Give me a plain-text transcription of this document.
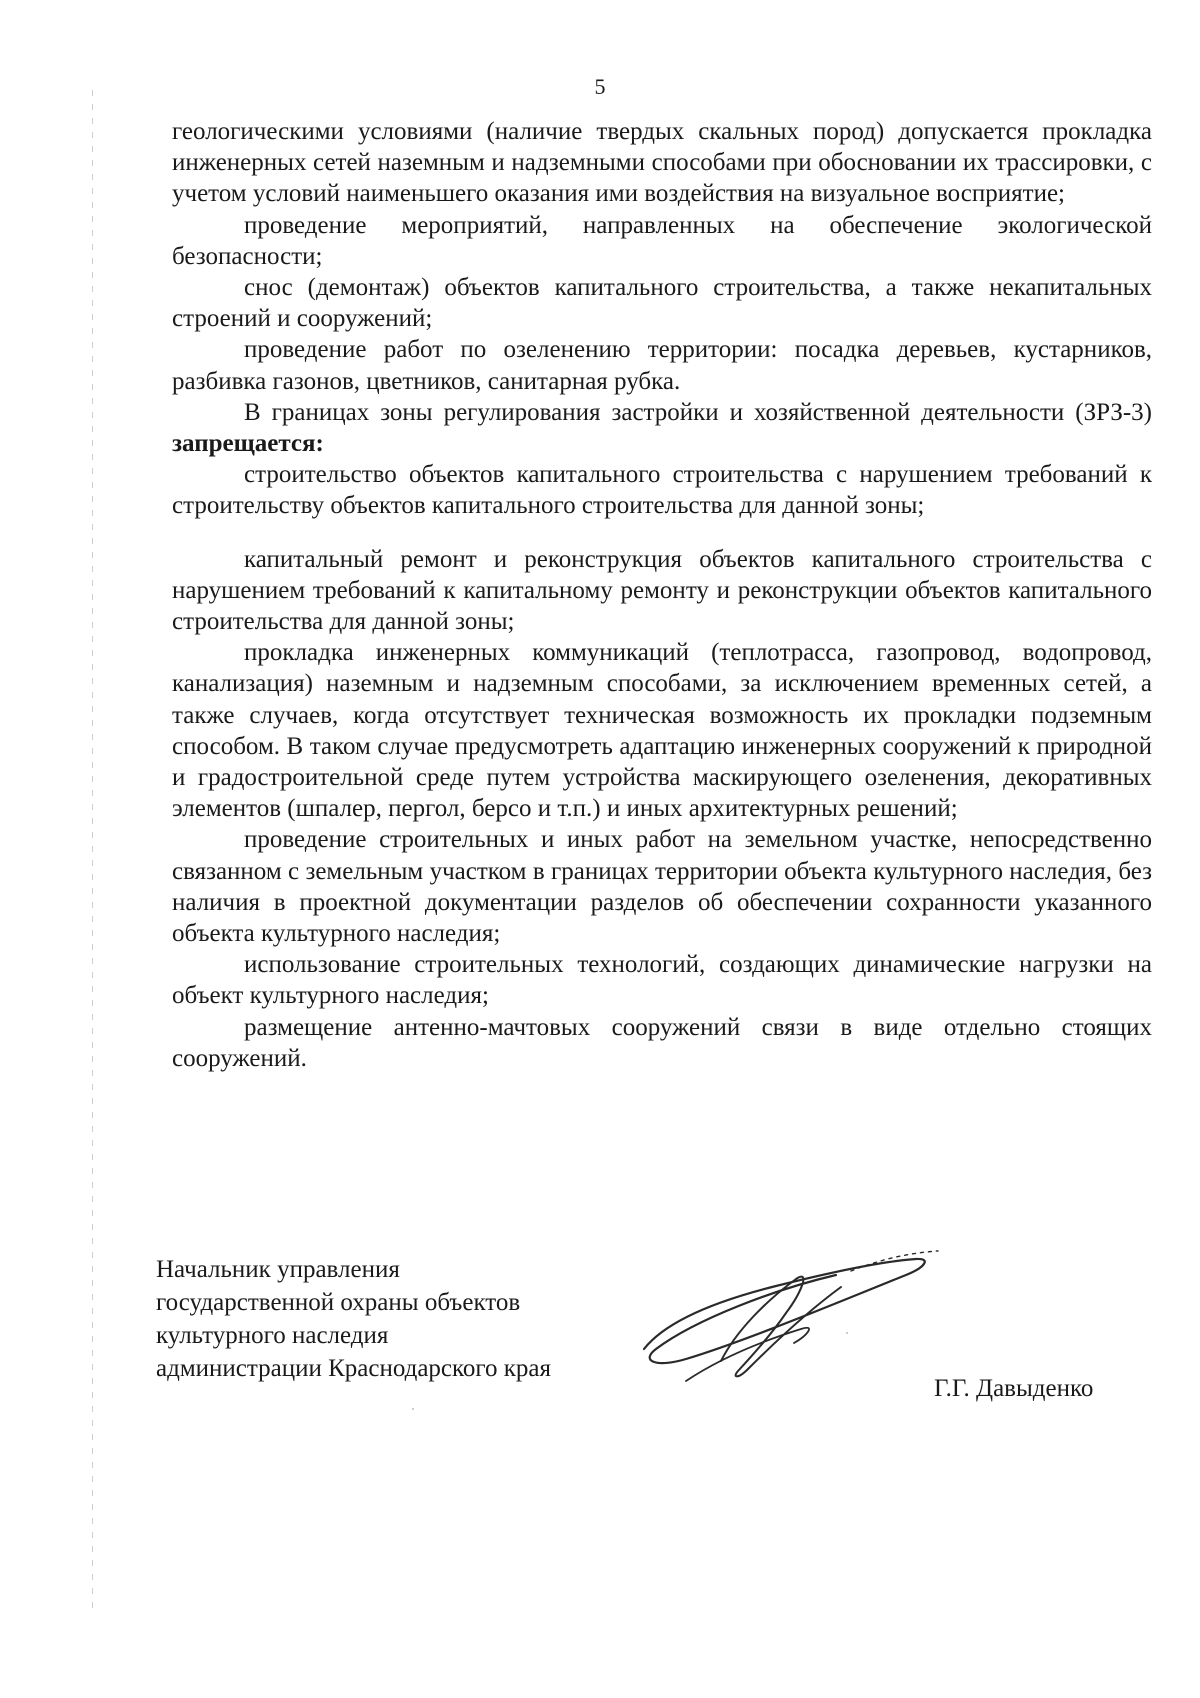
5

геологическими условиями (наличие твердых скальных пород) допускается прокладка инженерных сетей наземным и надземными способами при обосновании их трассировки, с учетом условий наименьшего оказания ими воздействия на визуальное восприятие;

проведение мероприятий, направленных на обеспечение экологической безопасности;

снос (демонтаж) объектов капитального строительства, а также некапитальных строений и сооружений;

проведение работ по озеленению территории: посадка деревьев, кустарников, разбивка газонов, цветников, санитарная рубка.

В границах зоны регулирования застройки и хозяйственной деятельности (ЗРЗ-3) запрещается:

строительство объектов капитального строительства с нарушением требований к строительству объектов капитального строительства для данной зоны;

капитальный ремонт и реконструкция объектов капитального строительства с нарушением требований к капитальному ремонту и реконструкции объектов капитального строительства для данной зоны;

прокладка инженерных коммуникаций (теплотрасса, газопровод, водопровод, канализация) наземным и надземным способами, за исключением временных сетей, а также случаев, когда отсутствует техническая возможность их прокладки подземным способом. В таком случае предусмотреть адаптацию инженерных сооружений к природной и градостроительной среде путем устройства маскирующего озеленения, декоративных элементов (шпалер, пергол, берсо и т.п.) и иных архитектурных решений;

проведение строительных и иных работ на земельном участке, непосредственно связанном с земельным участком в границах территории объекта культурного наследия, без наличия в проектной документации разделов об обеспечении сохранности указанного объекта культурного наследия;

использование строительных технологий, создающих динамические нагрузки на объект культурного наследия;

размещение антенно-мачтовых сооружений связи в виде отдельно стоящих сооружений.

Начальник управления
государственной охраны объектов
культурного наследия
администрации Краснодарского края
Г.Г. Давыденко
